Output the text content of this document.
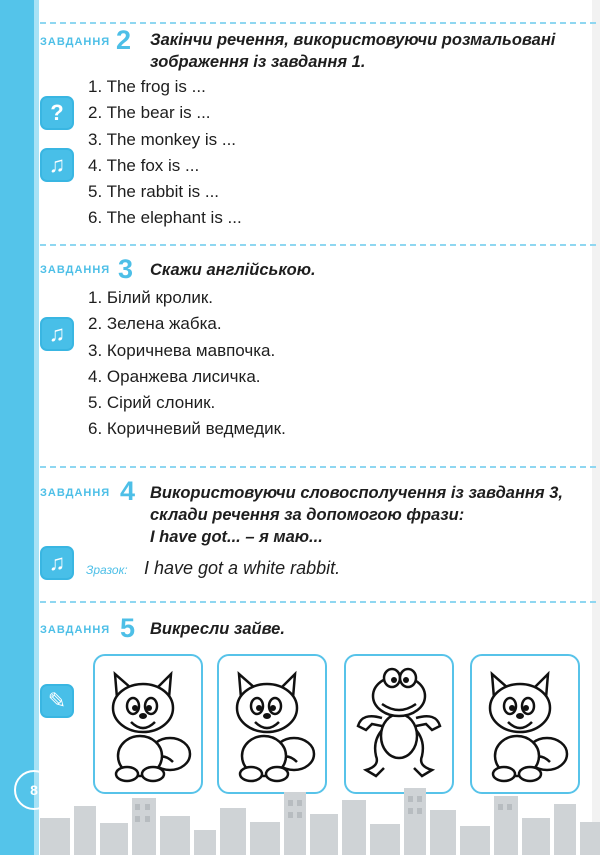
8
ЗАВДАННЯ 2 Закінчи речення, використовуючи розмальовані
зображення із завдання 1.
?
♫
1. The frog is ...
2. The bear is ...
3. The monkey is ...
4. The fox is ...
5. The rabbit is ...
6. The elephant is ...
ЗАВДАННЯ 3 Скажи англійською.
♫
1. Білий кролик.
2. Зелена жабка.
3. Коричнева мавпочка.
4. Оранжева лисичка.
5. Сірий слоник.
6. Коричневий ведмедик.
ЗАВДАННЯ 4 Використовуючи словосполучення із завдання 3,
склади речення за допомогою фрази:
I have got... – я маю...
♫	Зразок: I have got a white rabbit.
ЗАВДАННЯ 5 Викресли зайве.
✎
